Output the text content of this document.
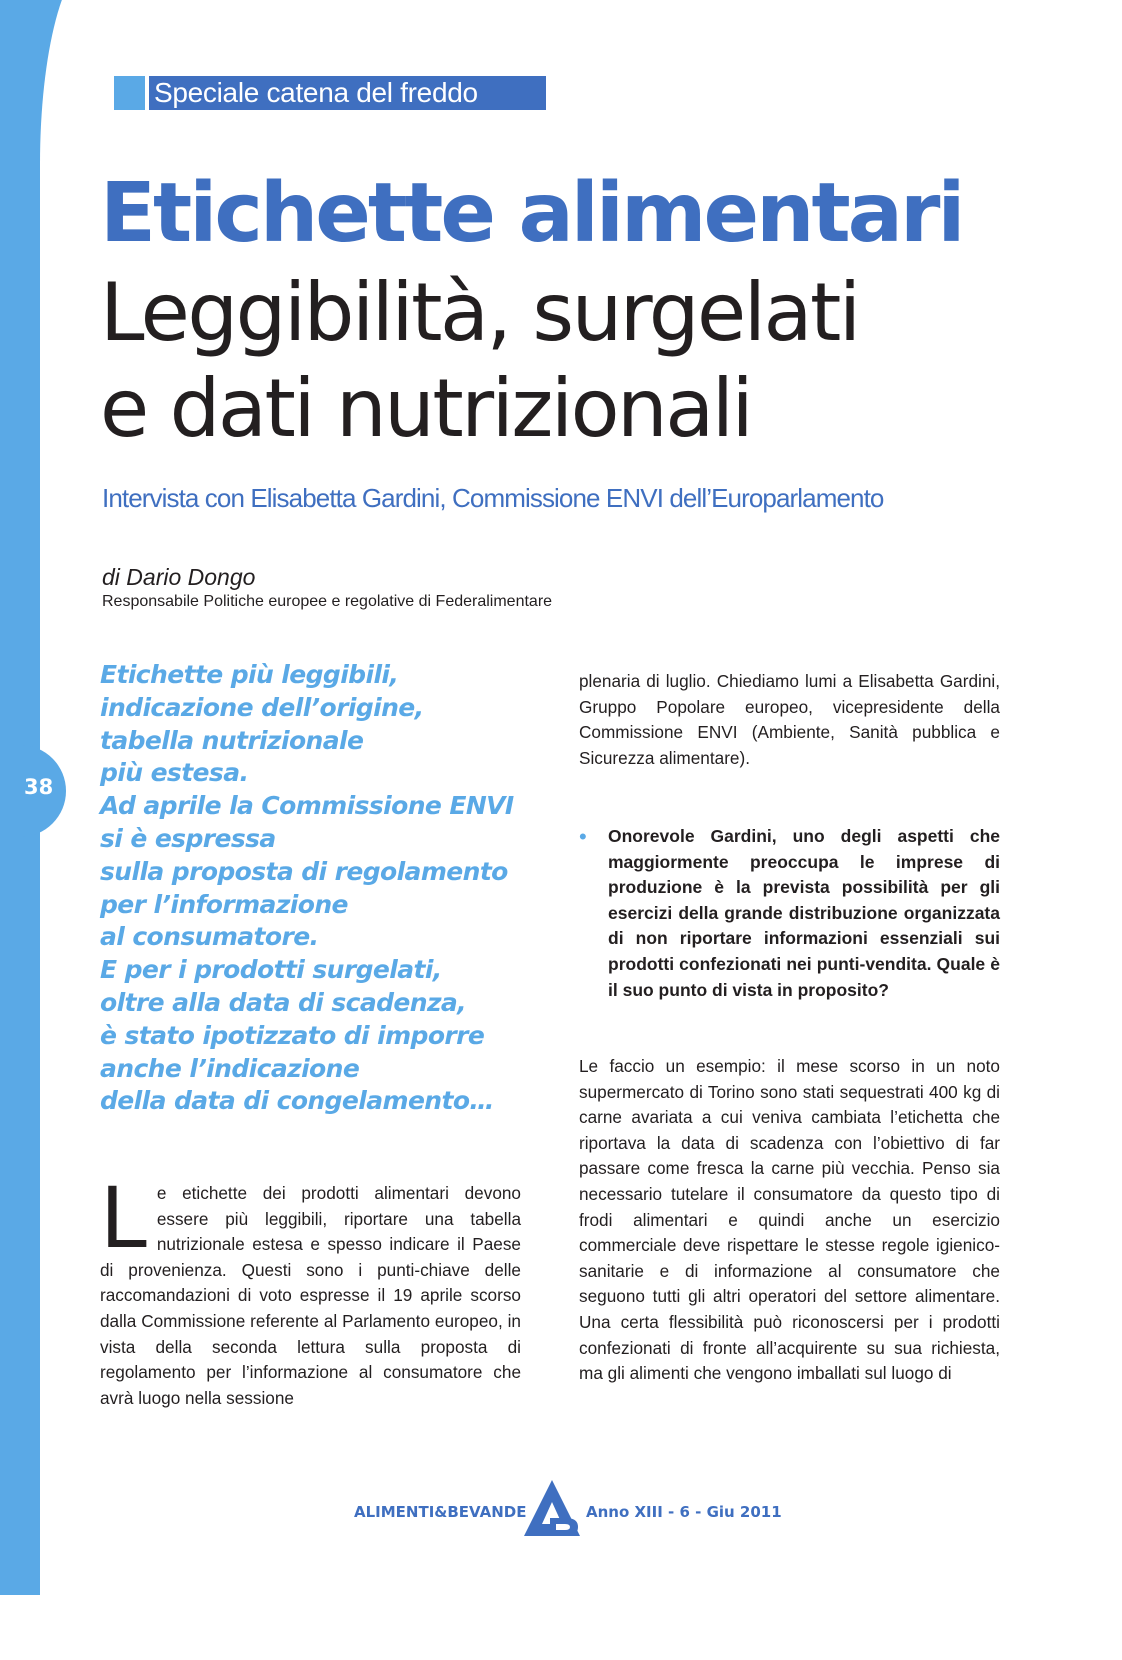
38
Speciale catena del freddo
Etichette alimentari
Leggibilità, surgelati
e dati nutrizionali
Intervista con Elisabetta Gardini, Commissione ENVI dell’Europarlamento
di Dario Dongo
Responsabile Politiche europee e regolative di Federalimentare
Etichette più leggibili,
indicazione dell’origine,
tabella nutrizionale
più estesa.
Ad aprile la Commissione ENVI
si è espressa
sulla proposta di regolamento
per l’informazione
al consumatore.
E per i prodotti surgelati,
oltre alla data di scadenza,
è stato ipotizzato di imporre
anche l’indicazione
della data di congelamento…
L e etichette dei prodotti alimentari devono essere più leggibili, riportare una tabella nutrizionale estesa e spesso indicare il Paese di provenienza. Questi sono i punti-chiave delle raccomandazioni di voto espresse il 19 aprile scorso dalla Commissione referente al Parlamento europeo, in vista della seconda lettura sulla proposta di regolamento per l’informazione al consumatore che avrà luogo nella sessione
plenaria di luglio. Chiediamo lumi a Elisabetta Gardini, Gruppo Popolare europeo, vicepresidente della Commissione ENVI (Ambiente, Sanità pubblica e Sicurezza alimentare).
• Onorevole Gardini, uno degli aspetti che maggiormente preoccupa le imprese di produzione è la prevista possibilità per gli esercizi della grande distribuzione organizzata di non riportare informazioni essenziali sui prodotti confezionati nei punti-vendita. Quale è il suo punto di vista in proposito?
Le faccio un esempio: il mese scorso in un noto supermercato di Torino sono stati sequestrati 400 kg di carne avariata a cui veniva cambiata l’etichetta che riportava la data di scadenza con l’obiettivo di far passare come fresca la carne più vecchia. Penso sia necessario tutelare il consumatore da questo tipo di frodi alimentari e quindi anche un esercizio commerciale deve rispettare le stesse regole igienico-sanitarie e di informazione al consumatore che seguono tutti gli altri operatori del settore alimentare. Una certa flessibilità può riconoscersi per i prodotti confezionati di fronte all’acquirente su sua richiesta, ma gli alimenti che vengono imballati sul luogo di
ALIMENTI&BEVANDE	Anno XIII - 6 - Giu 2011
